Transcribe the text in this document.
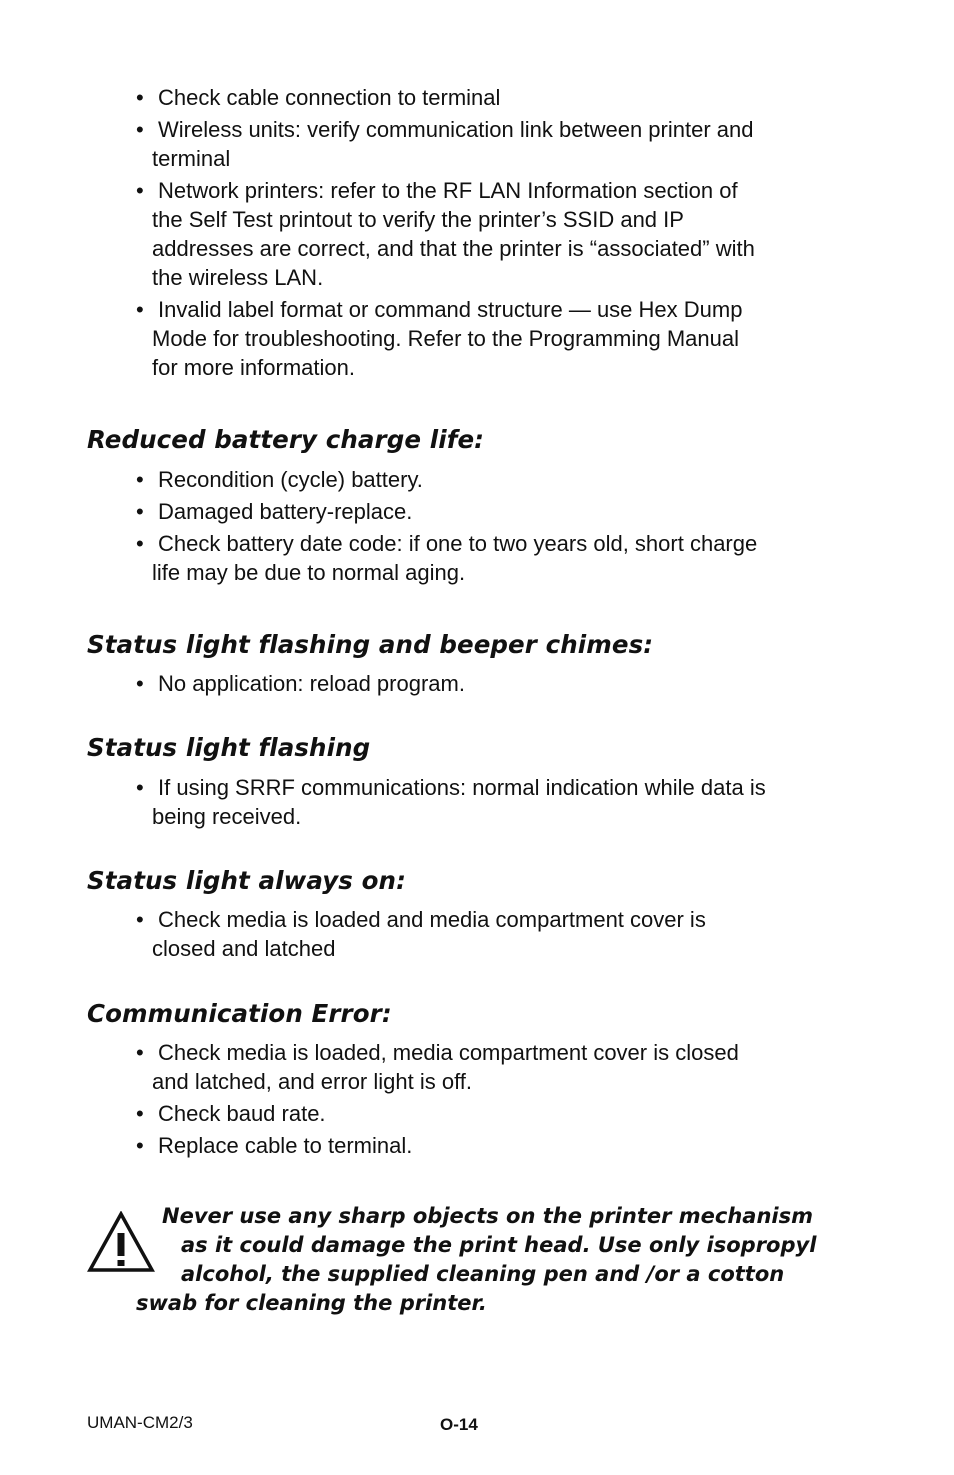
• Check cable connection to terminal
• Wireless units: verify communication link between printer and
terminal
• Network printers: refer to the RF LAN Information section of
the Self Test printout to verify the printer’s SSID and IP
addresses are correct, and that the printer is “associated” with
the wireless LAN.
• Invalid label format or command structure — use Hex Dump
Mode for troubleshooting. Refer to the Programming Manual
for more information.
Reduced battery charge life:
• Recondition (cycle) battery.
• Damaged battery-replace.
• Check battery date code: if one to two years old, short charge
life may be due to normal aging.
Status light flashing and beeper chimes:
• No application: reload program.
Status light flashing
• If using SRRF communications: normal indication while data is
being received.
Status light always on:
• Check media is loaded and media compartment cover is
closed and latched
Communication Error:
• Check media is loaded, media compartment cover is closed
and latched, and error light is off.
• Check baud rate.
• Replace cable to terminal.
Never use any sharp objects on the printer mechanism
as it could damage the print head. Use only isopropyl
alcohol, the supplied cleaning pen and /or a cotton
swab for cleaning the printer.
UMAN-CM2/3	O-14
